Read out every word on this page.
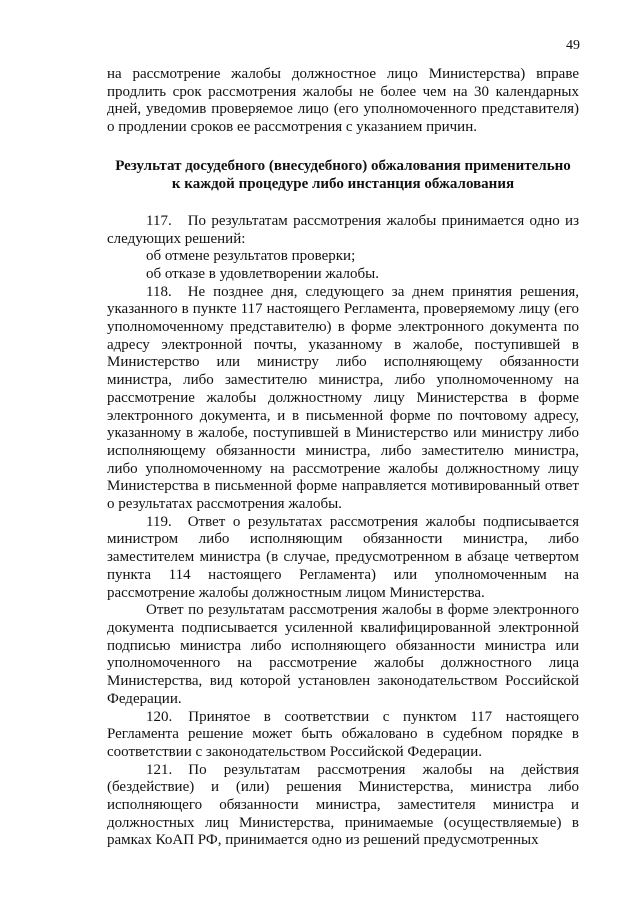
49

на рассмотрение жалобы должностное лицо Министерства) вправе продлить срок рассмотрения жалобы не более чем на 30 календарных дней, уведомив проверяемое лицо (его уполномоченного представителя) о продлении сроков ее рассмотрения с указанием причин.

Результат досудебного (внесудебного) обжалования применительно
к каждой процедуре либо инстанция обжалования

117. По результатам рассмотрения жалобы принимается одно из следующих решений:

об отмене результатов проверки;

об отказе в удовлетворении жалобы.

118. Не позднее дня, следующего за днем принятия решения, указанного в пункте 117 настоящего Регламента, проверяемому лицу (его уполномоченному представителю) в форме электронного документа по адресу электронной почты, указанному в жалобе, поступившей в Министерство или министру либо исполняющему обязанности министра, либо заместителю министра, либо уполномоченному на рассмотрение жалобы должностному лицу Министерства в форме электронного документа, и в письменной форме по почтовому адресу, указанному в жалобе, поступившей в Министерство или министру либо исполняющему обязанности министра, либо заместителю министра, либо уполномоченному на рассмотрение жалобы должностному лицу Министерства в письменной форме направляется мотивированный ответ о результатах рассмотрения жалобы.

119. Ответ о результатах рассмотрения жалобы подписывается министром либо исполняющим обязанности министра, либо заместителем министра (в случае, предусмотренном в абзаце четвертом пункта 114 настоящего Регламента) или уполномоченным на рассмотрение жалобы должностным лицом Министерства.

Ответ по результатам рассмотрения жалобы в форме электронного документа подписывается усиленной квалифицированной электронной подписью министра либо исполняющего обязанности министра или уполномоченного на рассмотрение жалобы должностного лица Министерства, вид которой установлен законодательством Российской Федерации.

120. Принятое в соответствии с пунктом 117 настоящего Регламента решение может быть обжаловано в судебном порядке в соответствии с законодательством Российской Федерации.

121. По результатам рассмотрения жалобы на действия (бездействие) и (или) решения Министерства, министра либо исполняющего обязанности министра, заместителя министра и должностных лиц Министерства, принимаемые (осуществляемые) в рамках КоАП РФ, принимается одно из решений предусмотренных
